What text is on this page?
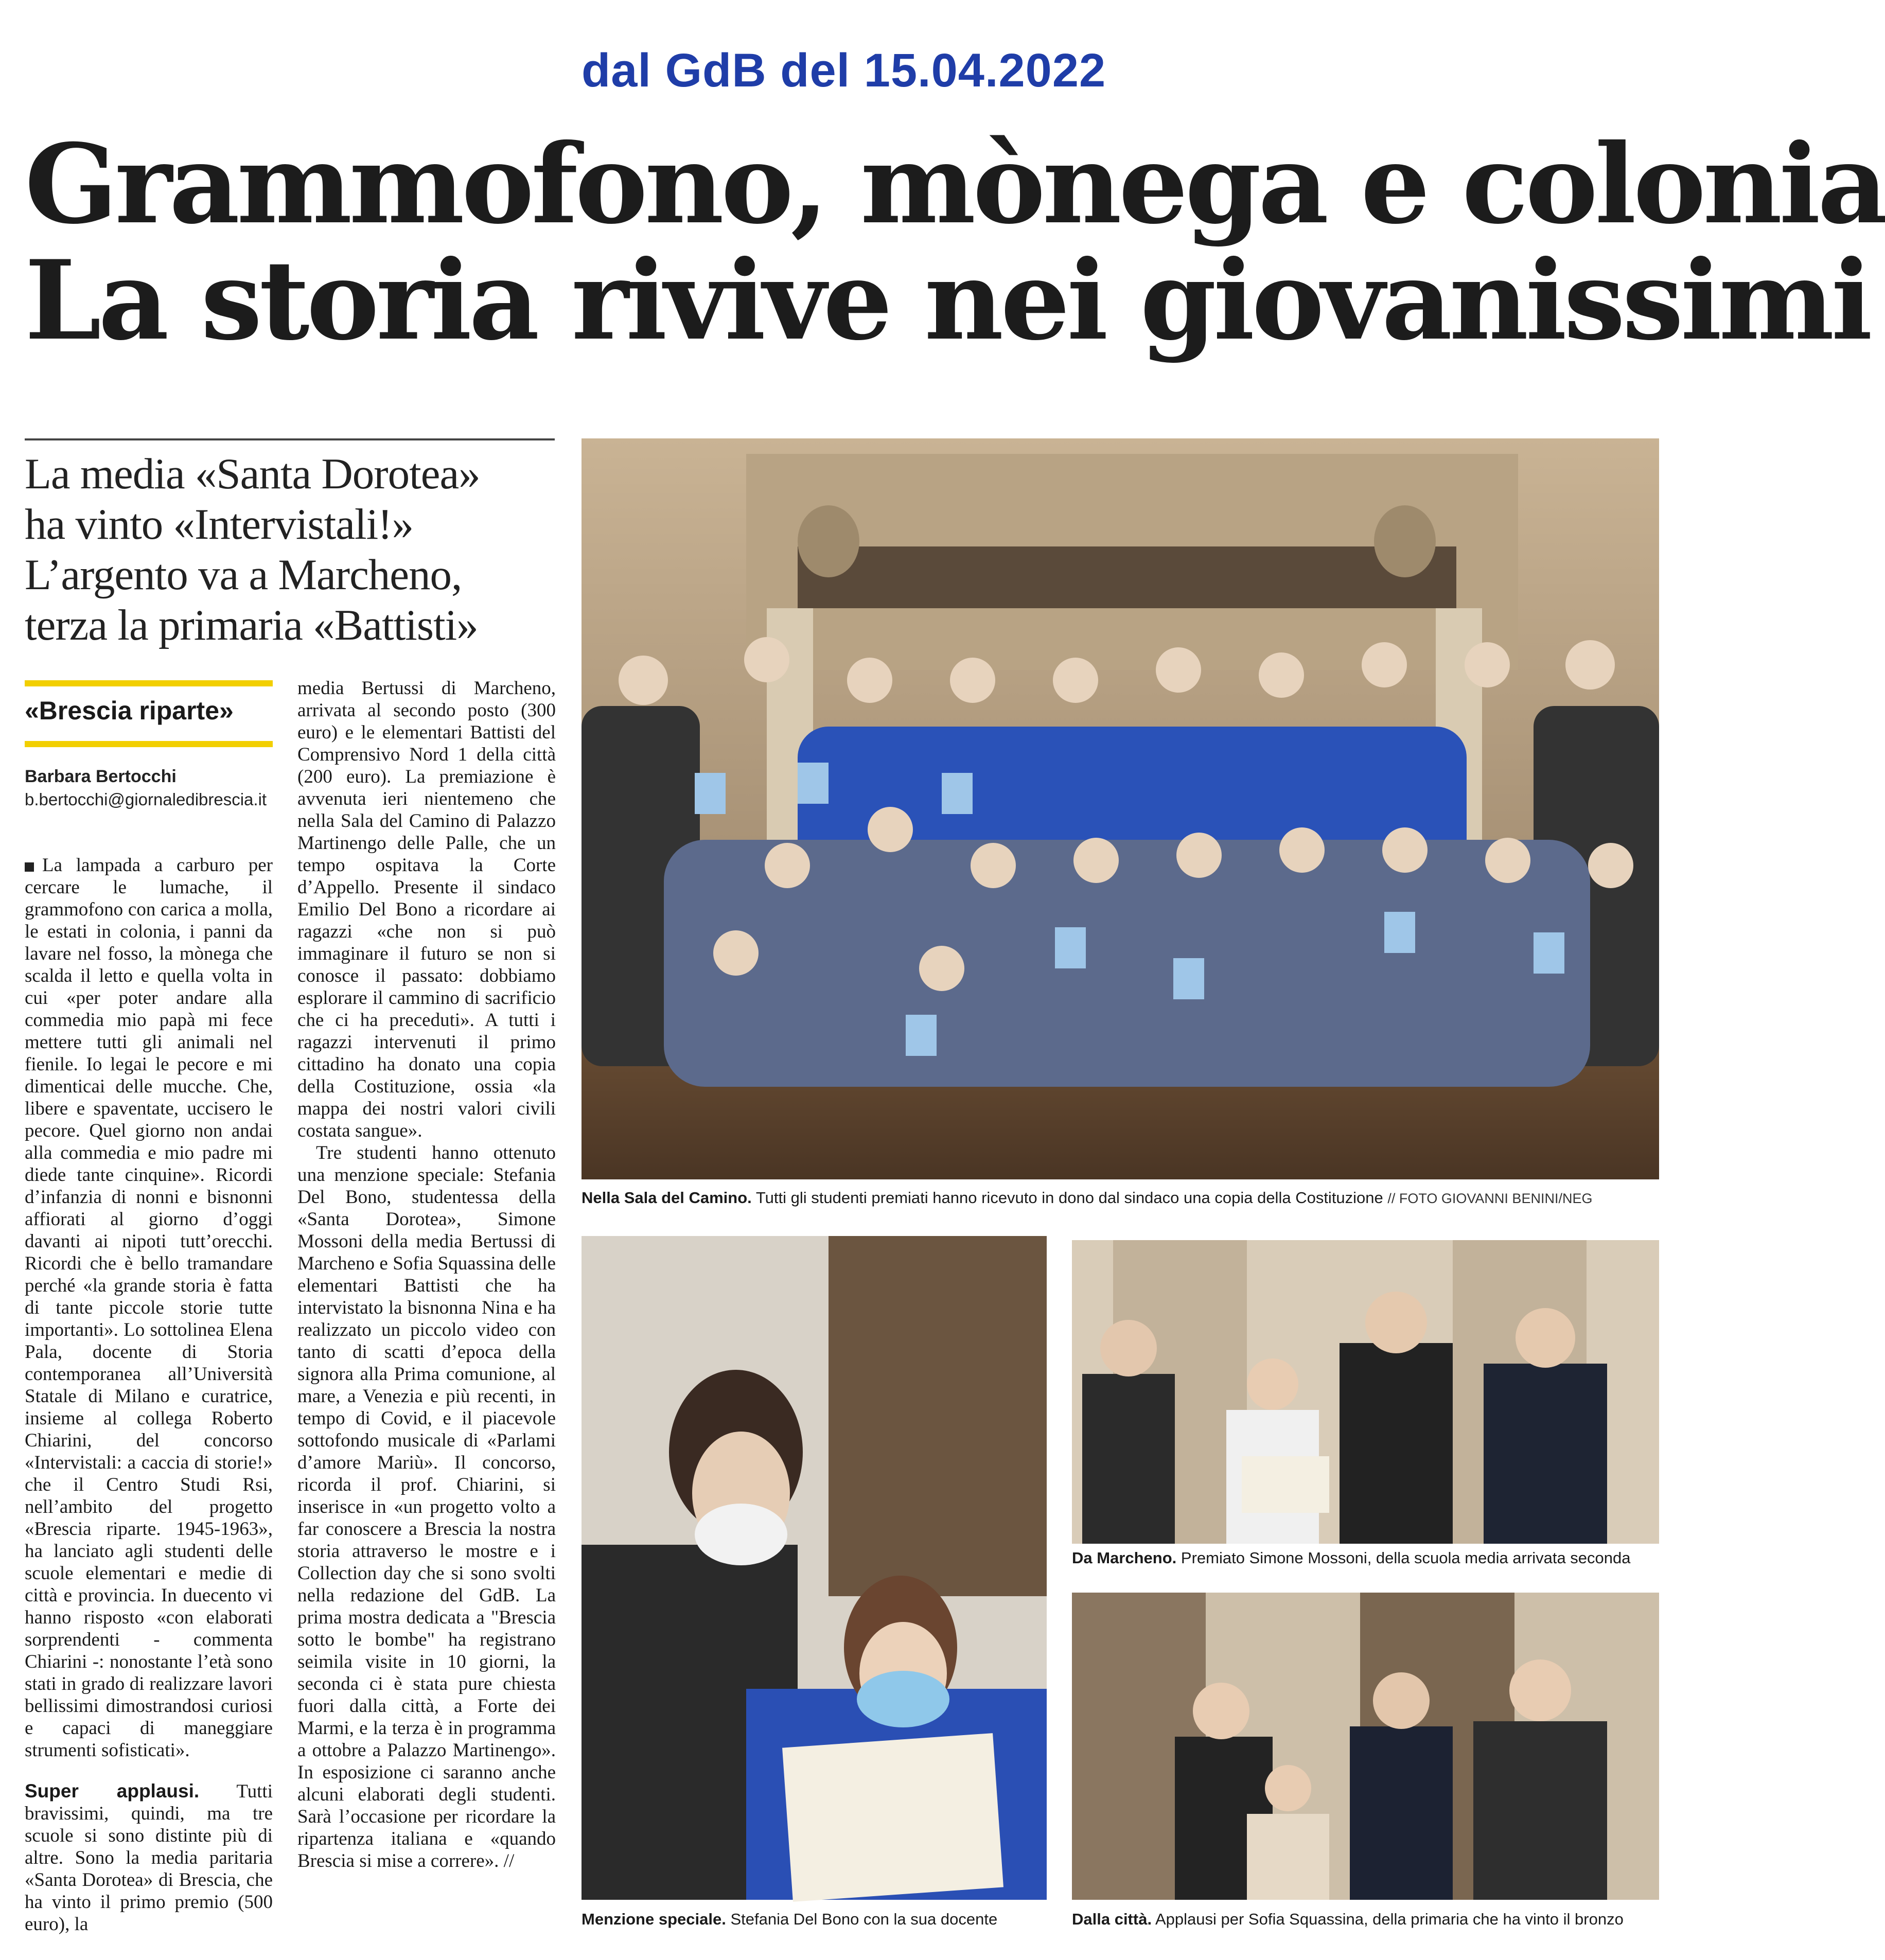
dal GdB del 15.04.2022
Grammofono, mònega e colonia
La storia rivive nei giovanissimi
La media «Santa Dorotea»
ha vinto «Intervistali!»
L’argento va a Marcheno,
terza la primaria «Battisti»
«Brescia riparte»
Barbara Bertocchi
b.bertocchi@giornaledibrescia.it

La lampada a carburo per cercare le lumache, il grammofono con carica a molla, le estati in colonia, i panni da lavare nel fosso, la mònega che scalda il letto e quella volta in cui «per poter andare alla commedia mio papà mi fece mettere tutti gli animali nel fienile. Io legai le pecore e mi dimenticai delle mucche. Che, libere e spaventate, uccisero le pecore. Quel giorno non andai alla commedia e mio padre mi diede tante cinquine». Ricordi d’infanzia di nonni e bisnonni affiorati al giorno d’oggi davanti ai nipoti tutt’orecchi. Ricordi che è bello tramandare perché «la grande storia è fatta di tante piccole storie tutte importanti». Lo sottolinea Elena Pala, docente di Storia contemporanea all’Università Statale di Milano e curatrice, insieme al collega Roberto Chiarini, del concorso «Intervistali: a caccia di storie!» che il Centro Studi Rsi, nell’ambito del progetto «Brescia riparte. 1945-1963», ha lanciato agli studenti delle scuole elementari e medie di città e provincia. In duecento vi hanno risposto «con elaborati sorprendenti - commenta Chiarini -: nonostante l’età sono stati in grado di realizzare lavori bellissimi dimostrandosi curiosi e capaci di maneggiare strumenti sofisticati».

Super applausi. Tutti bravissimi, quindi, ma tre scuole si sono distinte più di altre. Sono la media paritaria «Santa Dorotea» di Brescia, che ha vinto il primo premio (500 euro), la

media Bertussi di Marcheno, arrivata al secondo posto (300 euro) e le elementari Battisti del Comprensivo Nord 1 della città (200 euro). La premiazione è avvenuta ieri nientemeno che nella Sala del Camino di Palazzo Martinengo delle Palle, che un tempo ospitava la Corte d’Appello. Presente il sindaco Emilio Del Bono a ricordare ai ragazzi «che non si può immaginare il futuro se non si conosce il passato: dobbiamo esplorare il cammino di sacrificio che ci ha preceduti». A tutti i ragazzi intervenuti il primo cittadino ha donato una copia della Costituzione, ossia «la mappa dei nostri valori civili costata sangue».

Tre studenti hanno ottenuto una menzione speciale: Stefania Del Bono, studentessa della «Santa Dorotea», Simone Mossoni della media Bertussi di Marcheno e Sofia Squassina delle elementari Battisti che ha intervistato la bisnonna Nina e ha realizzato un piccolo video con tanto di scatti d’epoca della signora alla Prima comunione, al mare, a Venezia e più recenti, in tempo di Covid, e il piacevole sottofondo musicale di «Parlami d’amore Mariù». Il concorso, ricorda il prof. Chiarini, si inserisce in «un progetto volto a far conoscere a Brescia la nostra storia attraverso le mostre e i Collection day che si sono svolti nella redazione del GdB. La prima mostra dedicata a "Brescia sotto le bombe" ha registrano seimila visite in 10 giorni, la seconda ci è stata pure chiesta fuori dalla città, a Forte dei Marmi, e la terza è in programma a ottobre a Palazzo Martinengo». In esposizione ci saranno anche alcuni elaborati degli studenti. Sarà l’occasione per ricordare la ripartenza italiana e «quando Brescia si mise a correre». //

Nella Sala del Camino. Tutti gli studenti premiati hanno ricevuto in dono dal sindaco una copia della Costituzione // FOTO GIOVANNI BENINI/NEG
Menzione speciale. Stefania Del Bono con la sua docente
Da Marcheno. Premiato Simone Mossoni, della scuola media arrivata seconda
Dalla città. Applausi per Sofia Squassina, della primaria che ha vinto il bronzo
